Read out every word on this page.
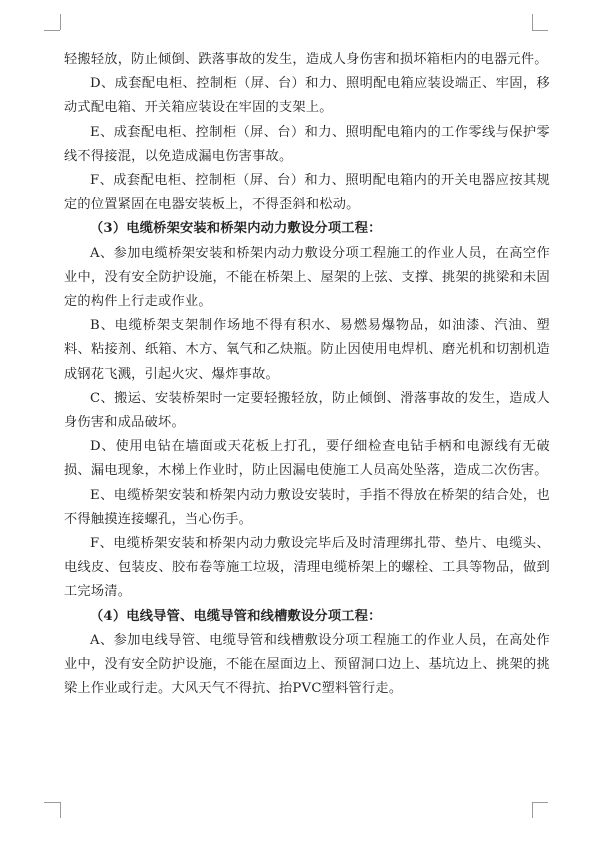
轻搬轻放，防止倾倒、跌落事故的发生，造成人身伤害和损坏箱柜内的电器元件。

D、成套配电柜、控制柜（屏、台）和力、照明配电箱应装设端正、牢固，移动式配电箱、开关箱应装设在牢固的支架上。

E、成套配电柜、控制柜（屏、台）和力、照明配电箱内的工作零线与保护零线不得接混，以免造成漏电伤害事故。

F、成套配电柜、控制柜（屏、台）和力、照明配电箱内的开关电器应按其规定的位置紧固在电器安装板上，不得歪斜和松动。

（3）电缆桥架安装和桥架内动力敷设分项工程：

A、参加电缆桥架安装和桥架内动力敷设分项工程施工的作业人员，在高空作业中，没有安全防护设施，不能在桥架上、屋架的上弦、支撑、挑架的挑梁和未固定的构件上行走或作业。

B、电缆桥架支架制作场地不得有积水、易燃易爆物品，如油漆、汽油、塑料、粘接剂、纸箱、木方、氧气和乙炔瓶。防止因使用电焊机、磨光机和切割机造成钢花飞溅，引起火灾、爆炸事故。

C、搬运、安装桥架时一定要轻搬轻放，防止倾倒、滑落事故的发生，造成人身伤害和成品破坏。

D、使用电钻在墙面或天花板上打孔，要仔细检查电钻手柄和电源线有无破损、漏电现象，木梯上作业时，防止因漏电使施工人员高处坠落，造成二次伤害。

E、电缆桥架安装和桥架内动力敷设安装时，手指不得放在桥架的结合处，也不得触摸连接螺孔，当心伤手。

F、电缆桥架安装和桥架内动力敷设完毕后及时清理绑扎带、垫片、电缆头、电线皮、包装皮、胶布卷等施工垃圾，清理电缆桥架上的螺栓、工具等物品，做到工完场清。

（4）电线导管、电缆导管和线槽敷设分项工程：

A、参加电线导管、电缆导管和线槽敷设分项工程施工的作业人员，在高处作业中，没有安全防护设施，不能在屋面边上、预留洞口边上、基坑边上、挑架的挑梁上作业或行走。大风天气不得抗、抬PVC塑料管行走。
